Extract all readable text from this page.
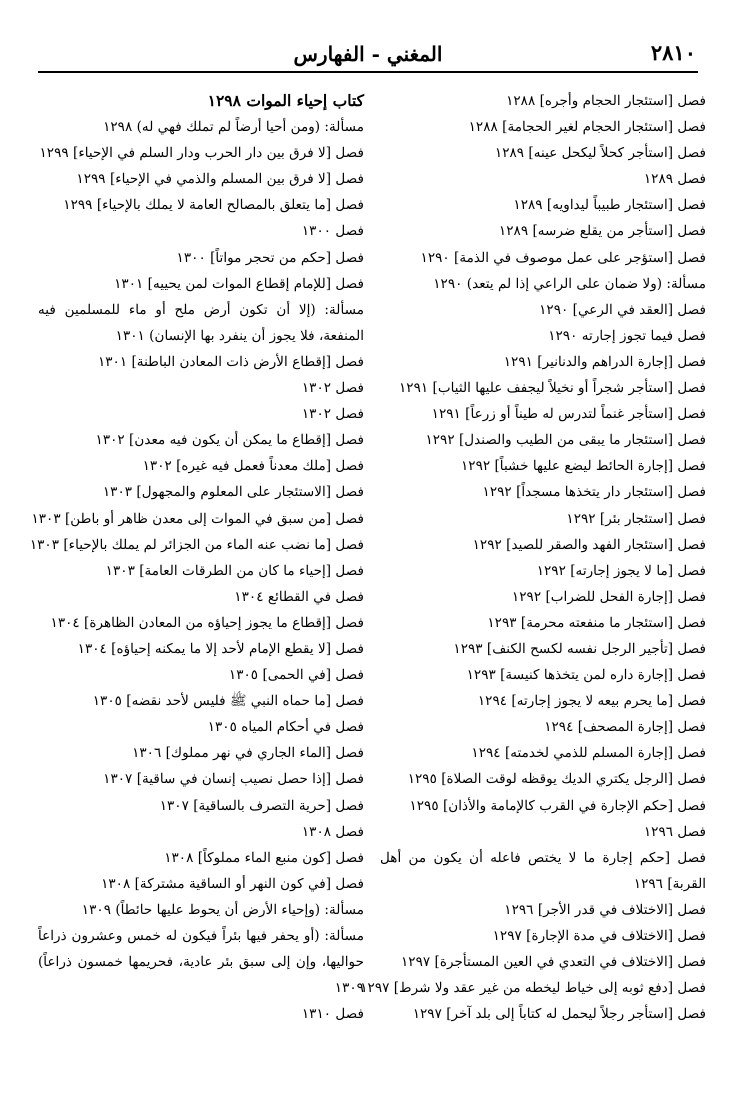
٢٨١٠
المغني - الفهارس
فصل [استئجار الحجام وأجره] ١٢٨٨
فصل [استئجار الحجام لغير الحجامة] ١٢٨٨
فصل [استأجر كحلاً ليكحل عينه] ١٢٨٩
فصل ١٢٨٩
فصل [استئجار طبيباً ليداويه] ١٢٨٩
فصل [استأجر من يقلع ضرسه] ١٢٨٩
فصل [استؤجر على عمل موصوف في الذمة] ١٢٩٠
مسألة: (ولا ضمان على الراعي إذا لم يتعد) ١٢٩٠
فصل [العقد في الرعي] ١٢٩٠
فصل فيما تجوز إجارته ١٢٩٠
فصل [إجارة الدراهم والدنانير] ١٢٩١
فصل [استأجر شجراً أو نخيلاً ليجفف عليها الثياب] ١٢٩١
فصل [استأجر غنماً لتدرس له طيناً أو زرعاً] ١٢٩١
فصل [استئجار ما يبقى من الطيب والصندل] ١٢٩٢
فصل [إجارة الحائط ليضع عليها خشباً] ١٢٩٢
فصل [استئجار دار يتخذها مسجداً] ١٢٩٢
فصل [استئجار بئر] ١٢٩٢
فصل [استئجار الفهد والصقر للصيد] ١٢٩٢
فصل [ما لا يجوز إجارته] ١٢٩٢
فصل [إجارة الفحل للضراب] ١٢٩٢
فصل [استئجار ما منفعته محرمة] ١٢٩٣
فصل [تأجير الرجل نفسه لكسح الكنف] ١٢٩٣
فصل [إجارة داره لمن يتخذها كنيسة] ١٢٩٣
فصل [ما يحرم بيعه لا يجوز إجارته] ١٢٩٤
فصل [إجارة المصحف] ١٢٩٤
فصل [إجارة المسلم للذمي لخدمته] ١٢٩٤
فصل [الرجل يكتري الديك يوقظه لوقت الصلاة] ١٢٩٥
فصل [حكم الإجارة في القرب كالإمامة والأذان] ١٢٩٥
فصل ١٢٩٦
فصل [حكم إجارة ما لا يختص فاعله أن يكون من أهل القربة] ١٢٩٦
فصل [الاختلاف في قدر الأجر] ١٢٩٦
فصل [الاختلاف في مدة الإجارة] ١٢٩٧
فصل [الاختلاف في التعدي في العين المستأجرة] ١٢٩٧
فصل [دفع ثوبه إلى خياط ليخطه من غير عقد ولا شرط] ١٢٩٧
فصل [استأجر رجلاً ليحمل له كتاباً إلى بلد آخر] ١٢٩٧
كتاب إحياء الموات ١٢٩٨
مسألة: (ومن أحيا أرضاً لم تملك فهي له) ١٢٩٨
فصل [لا فرق بين دار الحرب ودار السلم في الإحياء] ١٢٩٩
فصل [لا فرق بين المسلم والذمي في الإحياء] ١٢٩٩
فصل [ما يتعلق بالمصالح العامة لا يملك بالإحياء] ١٢٩٩
فصل ١٣٠٠
فصل [حكم من تحجر مواتاً] ١٣٠٠
فصل [للإمام إقطاع الموات لمن يحييه] ١٣٠١
مسألة: (إلا أن تكون أرض ملح أو ماء للمسلمين فيه المنفعة، فلا يجوز أن ينفرد بها الإنسان) ١٣٠١
فصل [إقطاع الأرض ذات المعادن الباطنة] ١٣٠١
فصل ١٣٠٢
فصل ١٣٠٢
فصل [إقطاع ما يمكن أن يكون فيه معدن] ١٣٠٢
فصل [ملك معدناً فعمل فيه غيره] ١٣٠٢
فصل [الاستئجار على المعلوم والمجهول] ١٣٠٣
فصل [من سبق في الموات إلى معدن ظاهر أو باطن] ١٣٠٣
فصل [ما نضب عنه الماء من الجزائر لم يملك بالإحياء] ١٣٠٣
فصل [إحياء ما كان من الطرقات العامة] ١٣٠٣
فصل في القطائع ١٣٠٤
فصل [إقطاع ما يجوز إحياؤه من المعادن الظاهرة] ١٣٠٤
فصل [لا يقطع الإمام لأحد إلا ما يمكنه إحياؤه] ١٣٠٤
فصل [في الحمى] ١٣٠٥
فصل [ما حماه النبي ﷺ فليس لأحد نقضه] ١٣٠٥
فصل في أحكام المياه ١٣٠٥
فصل [الماء الجاري في نهر مملوك] ١٣٠٦
فصل [إذا حصل نصيب إنسان في ساقية] ١٣٠٧
فصل [حرية التصرف بالساقية] ١٣٠٧
فصل ١٣٠٨
فصل [كون منبع الماء مملوكاً] ١٣٠٨
فصل [في كون النهر أو الساقية مشتركة] ١٣٠٨
مسألة: (وإحياء الأرض أن يحوط عليها حائطاً) ١٣٠٩
مسألة: (أو يحفر فيها بئراً فيكون له خمس وعشرون ذراعاً حواليها، وإن إلى سبق بئر عادية، فحريمها خمسون ذراعاً) ١٣٠٩
فصل ١٣١٠
